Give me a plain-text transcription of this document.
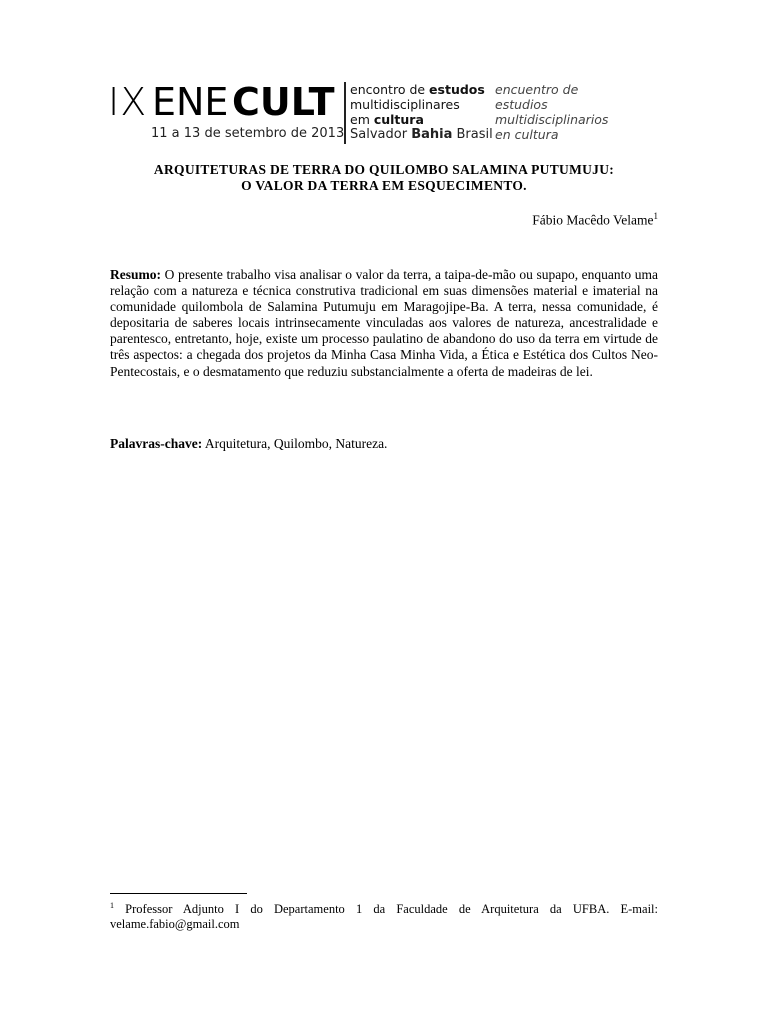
IX ENE CULT
11 a 13 de setembro de 2013
encontro de estudos
multidisciplinares
em cultura
Salvador Bahia Brasil
encuentro de estudios
multidisciplinarios
en cultura
ARQUITETURAS DE TERRA DO QUILOMBO SALAMINA PUTUMUJU:
O VALOR DA TERRA EM ESQUECIMENTO.
Fábio Macêdo Velame$^1$
Resumo: O presente trabalho visa analisar o valor da terra, a taipa-de-mão ou supapo, enquanto uma relação com a natureza e técnica construtiva tradicional em suas dimensões material e imaterial na comunidade quilombola de Salamina Putumuju em Maragojipe-Ba. A terra, nessa comunidade, é depositaria de saberes locais intrinsecamente vinculadas aos valores de natureza, ancestralidade e parentesco, entretanto, hoje, existe um processo paulatino de abandono do uso da terra em virtude de três aspectos: a chegada dos projetos da Minha Casa Minha Vida, a Ética e Estética dos Cultos Neo-Pentecostais, e o desmatamento que reduziu substancialmente a oferta de madeiras de lei.
Palavras-chave: Arquitetura, Quilombo, Natureza.
$^1$ Professor Adjunto I do Departamento 1 da Faculdade de Arquitetura da UFBA. E-mail: velame.fabio@gmail.com
